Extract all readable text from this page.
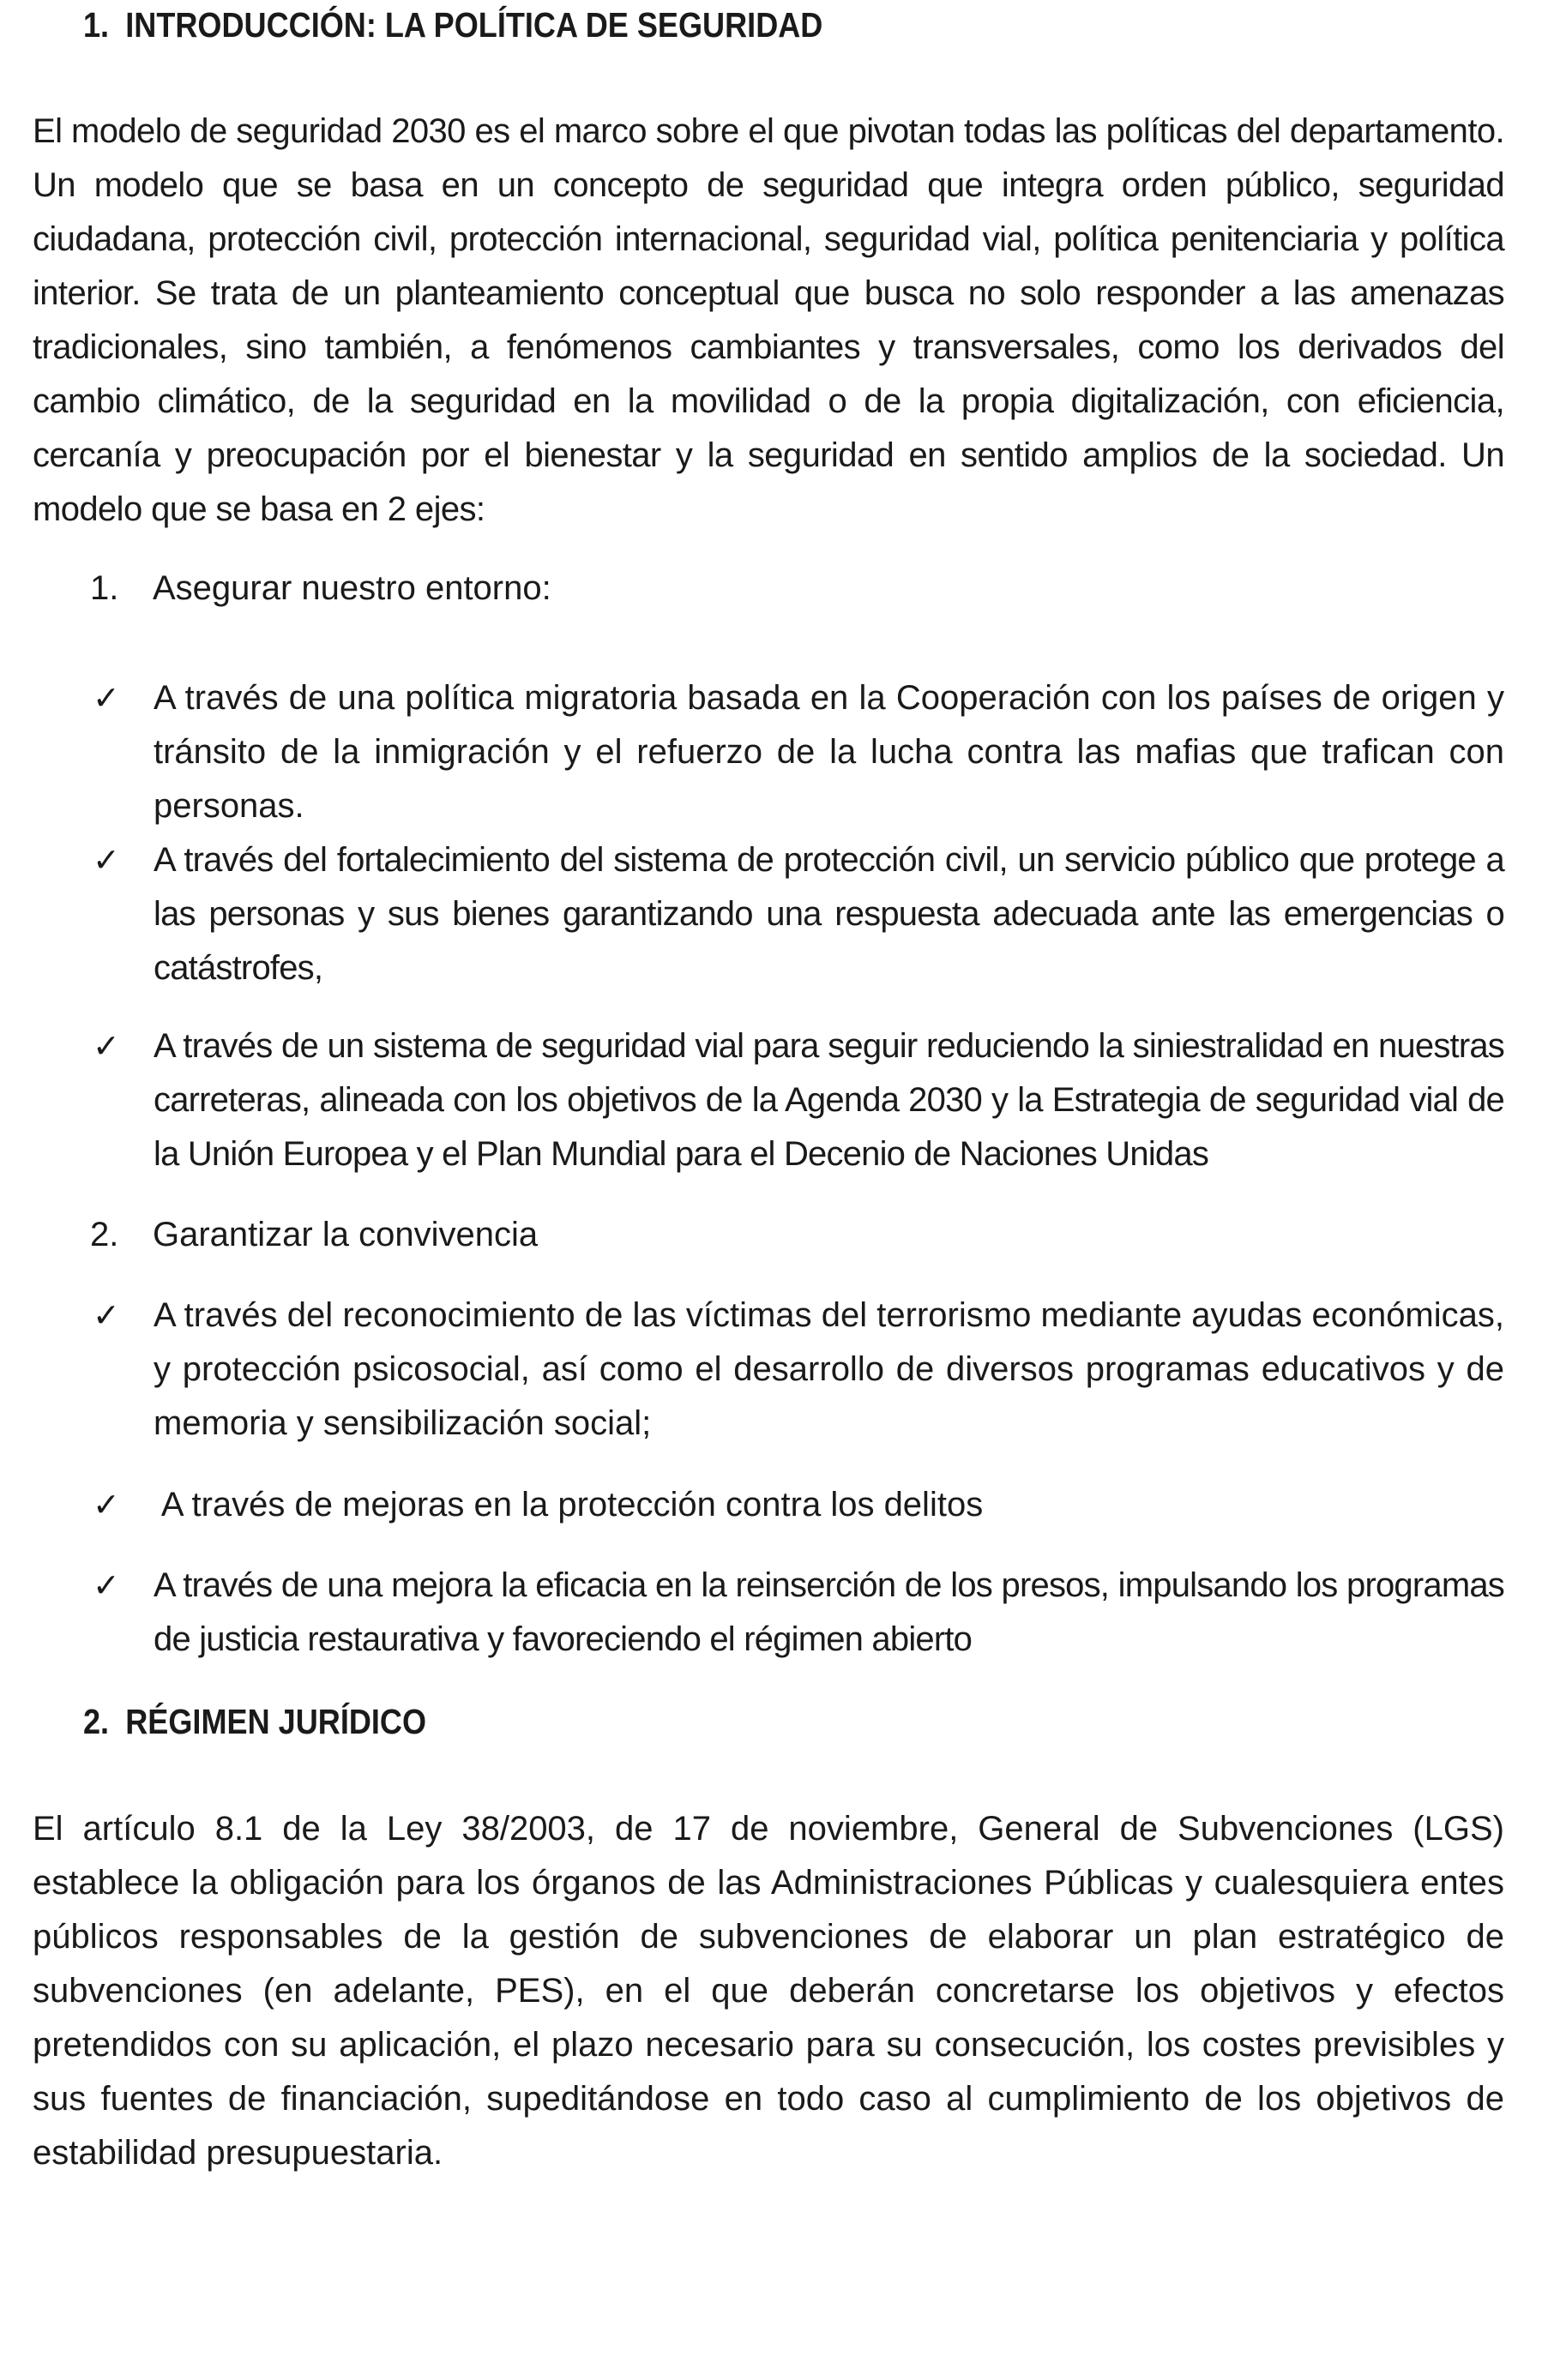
1. INTRODUCCIÓN: LA POLÍTICA DE SEGURIDAD

El modelo de seguridad 2030 es el marco sobre el que pivotan todas las políticas del departamento. Un modelo que se basa en un concepto de seguridad que integra orden público, seguridad ciudadana, protección civil, protección internacional, seguridad vial, política penitenciaria y política interior. Se trata de un planteamiento conceptual que busca no solo responder a las amenazas tradicionales, sino también, a fenómenos cambiantes y transversales, como los derivados del cambio climático, de la seguridad en la movilidad o de la propia digitalización, con eficiencia, cercanía y preocupación por el bienestar y la seguridad en sentido amplios de la sociedad. Un modelo que se basa en 2 ejes:

1. Asegurar nuestro entorno:
✓ A través de una política migratoria basada en la Cooperación con los países de origen y tránsito de la inmigración y el refuerzo de la lucha contra las mafias que trafican con personas.
✓ A través del fortalecimiento del sistema de protección civil, un servicio público que protege a las personas y sus bienes garantizando una respuesta adecuada ante las emergencias o catástrofes,
✓ A través de un sistema de seguridad vial para seguir reduciendo la siniestralidad en nuestras carreteras, alineada con los objetivos de la Agenda 2030 y la Estrategia de seguridad vial de la Unión Europea y el Plan Mundial para el Decenio de Naciones Unidas
2. Garantizar la convivencia
✓ A través del reconocimiento de las víctimas del terrorismo mediante ayudas económicas, y protección psicosocial, así como el desarrollo de diversos programas educativos y de memoria y sensibilización social;
✓ A través de mejoras en la protección contra los delitos
✓ A través de una mejora la eficacia en la reinserción de los presos, impulsando los programas de justicia restaurativa y favoreciendo el régimen abierto
2. RÉGIMEN JURÍDICO

El artículo 8.1 de la Ley 38/2003, de 17 de noviembre, General de Subvenciones (LGS) establece la obligación para los órganos de las Administraciones Públicas y cualesquiera entes públicos responsables de la gestión de subvenciones de elaborar un plan estratégico de subvenciones (en adelante, PES), en el que deberán concretarse los objetivos y efectos pretendidos con su aplicación, el plazo necesario para su consecución, los costes previsibles y sus fuentes de financiación, supeditándose en todo caso al cumplimiento de los objetivos de estabilidad presupuestaria.
